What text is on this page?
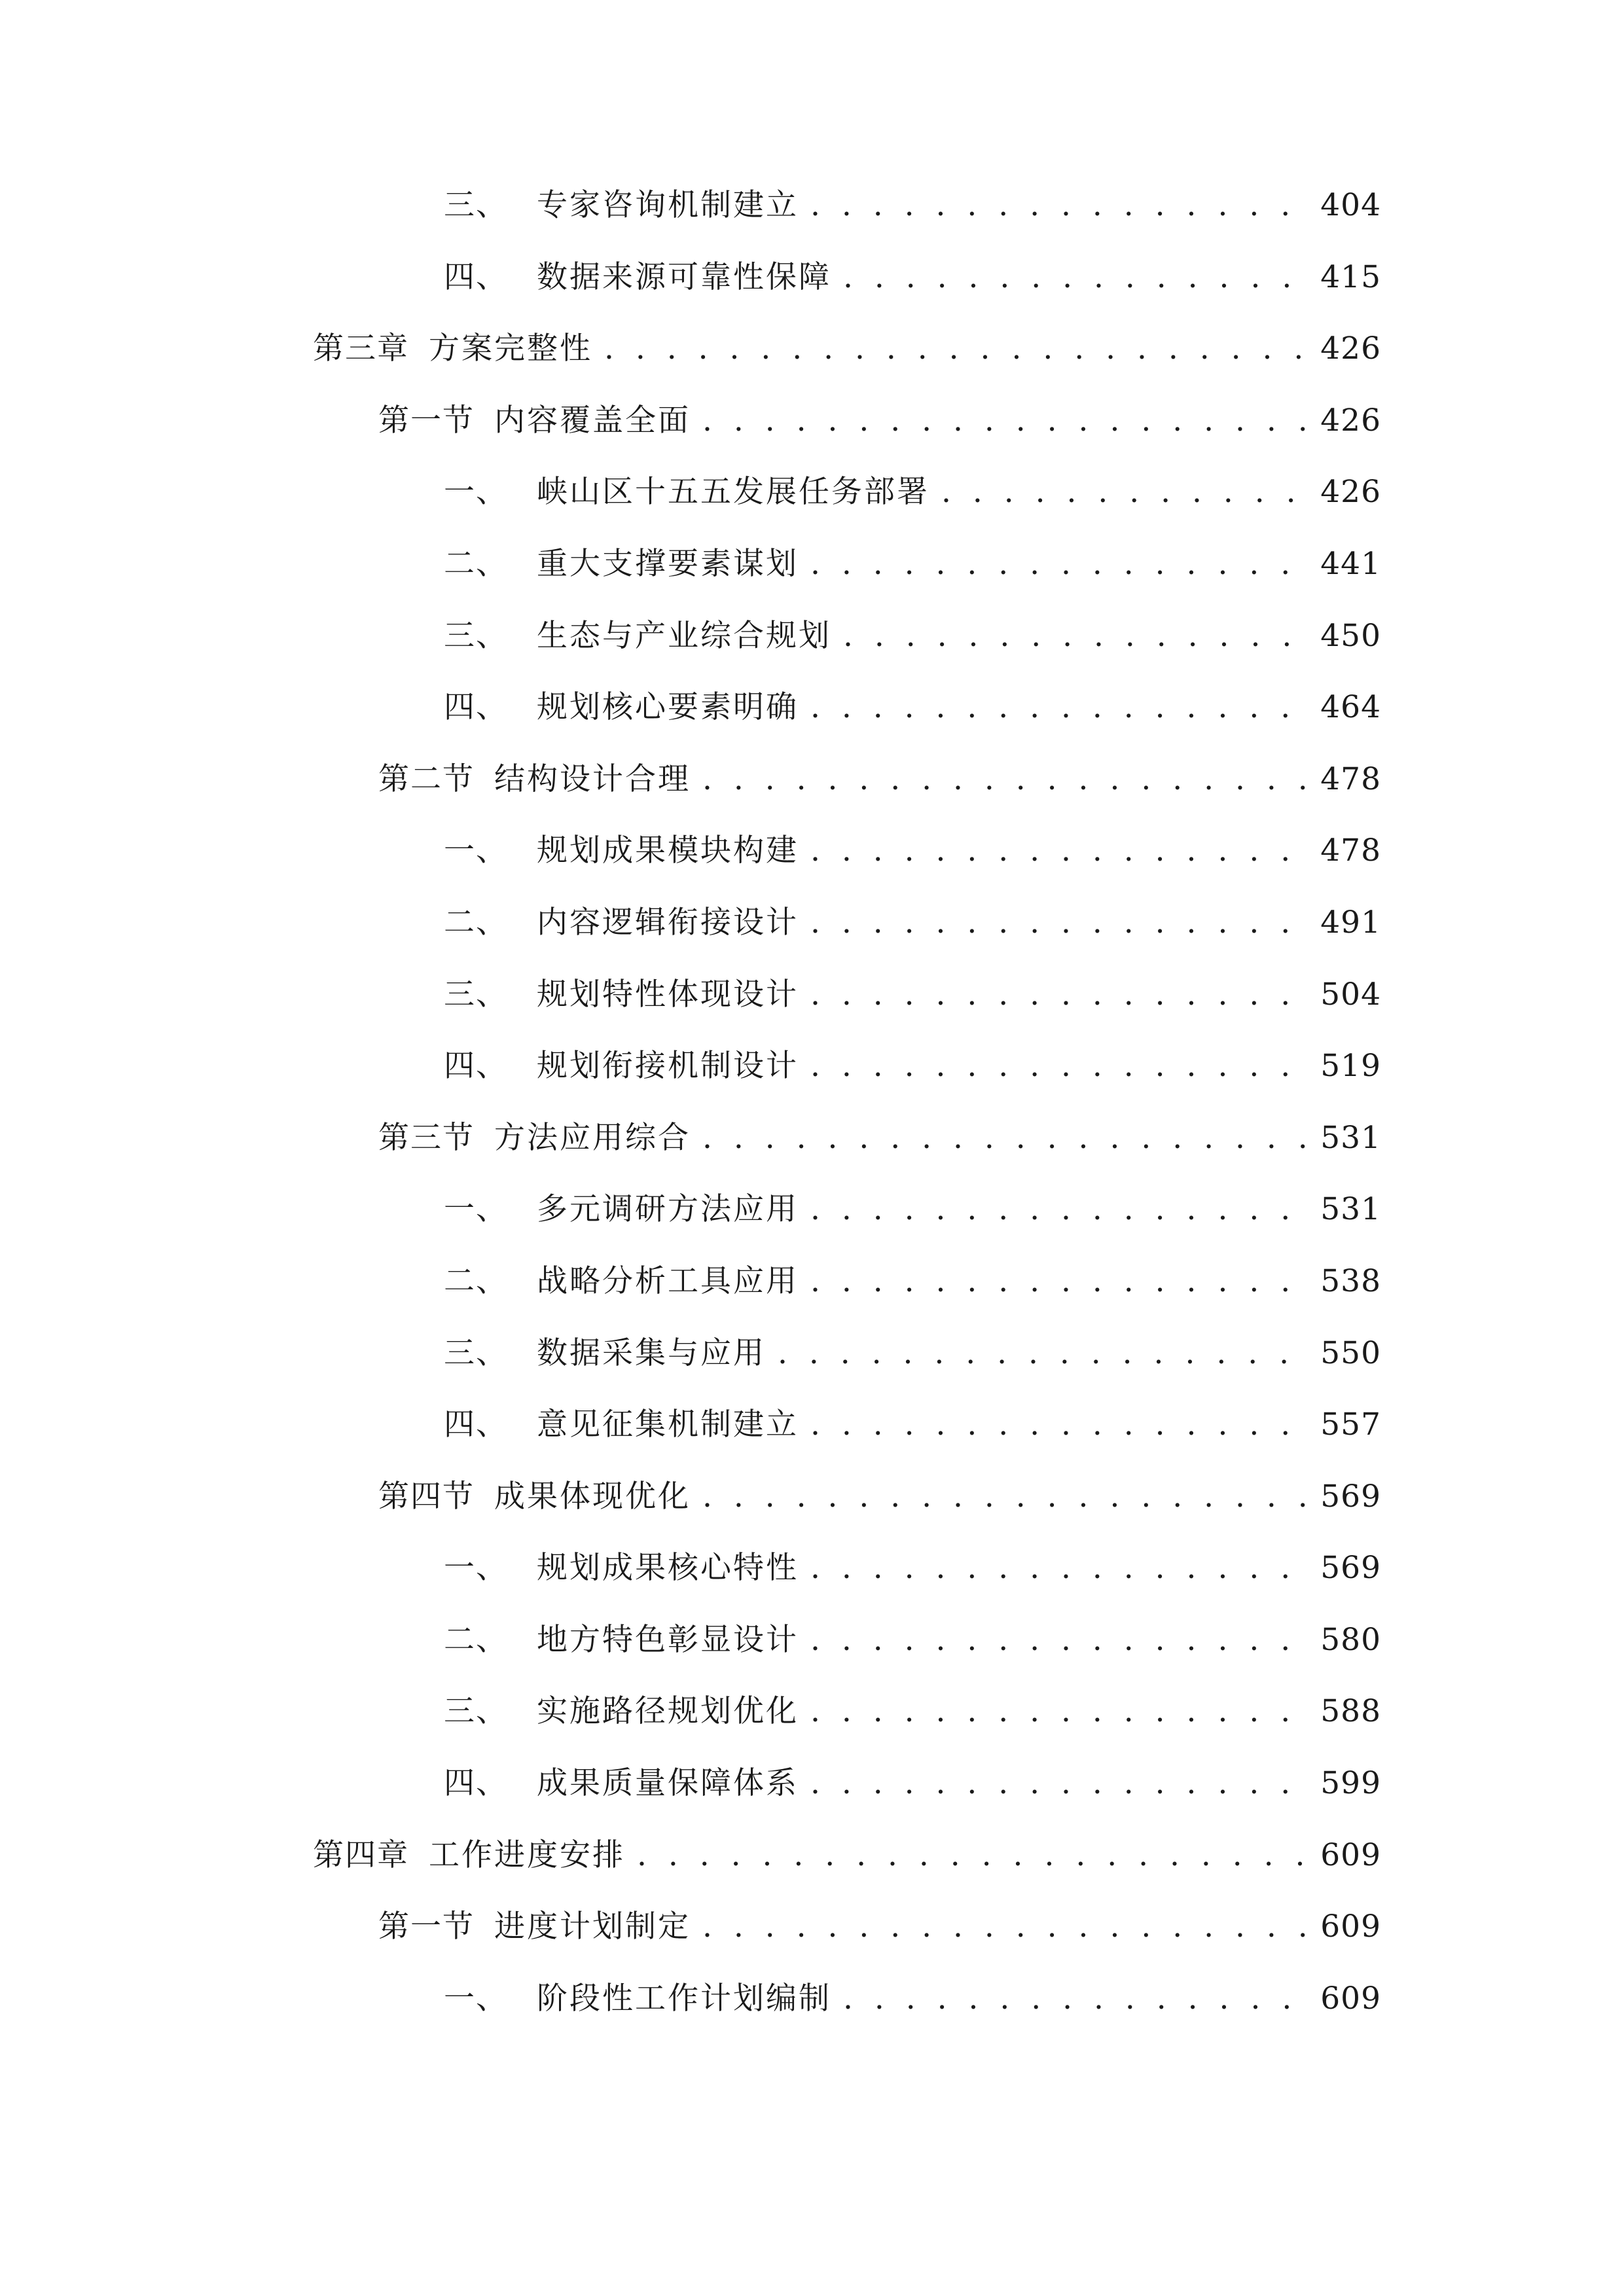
三、 专家咨询机制建立 . . .	404
四、 数据来源可靠性保障 . . .	415
第三章 方案完整性 . . .	426
第一节 内容覆盖全面 . . .	426
一、 峡山区十五五发展任务部署 . . .	426
二、 重大支撑要素谋划 . . .	441
三、 生态与产业综合规划 . . .	450
四、 规划核心要素明确 . . .	464
第二节 结构设计合理 . . .	478
一、 规划成果模块构建 . . .	478
二、 内容逻辑衔接设计 . . .	491
三、 规划特性体现设计 . . .	504
四、 规划衔接机制设计 . . .	519
第三节 方法应用综合 . . .	531
一、 多元调研方法应用 . . .	531
二、 战略分析工具应用 . . .	538
三、 数据采集与应用 . . .	550
四、 意见征集机制建立 . . .	557
第四节 成果体现优化 . . .	569
一、 规划成果核心特性 . . .	569
二、 地方特色彰显设计 . . .	580
三、 实施路径规划优化 . . .	588
四、 成果质量保障体系 . . .	599
第四章 工作进度安排 . . .	609
第一节 进度计划制定 . . .	609
一、 阶段性工作计划编制 . . .	609
